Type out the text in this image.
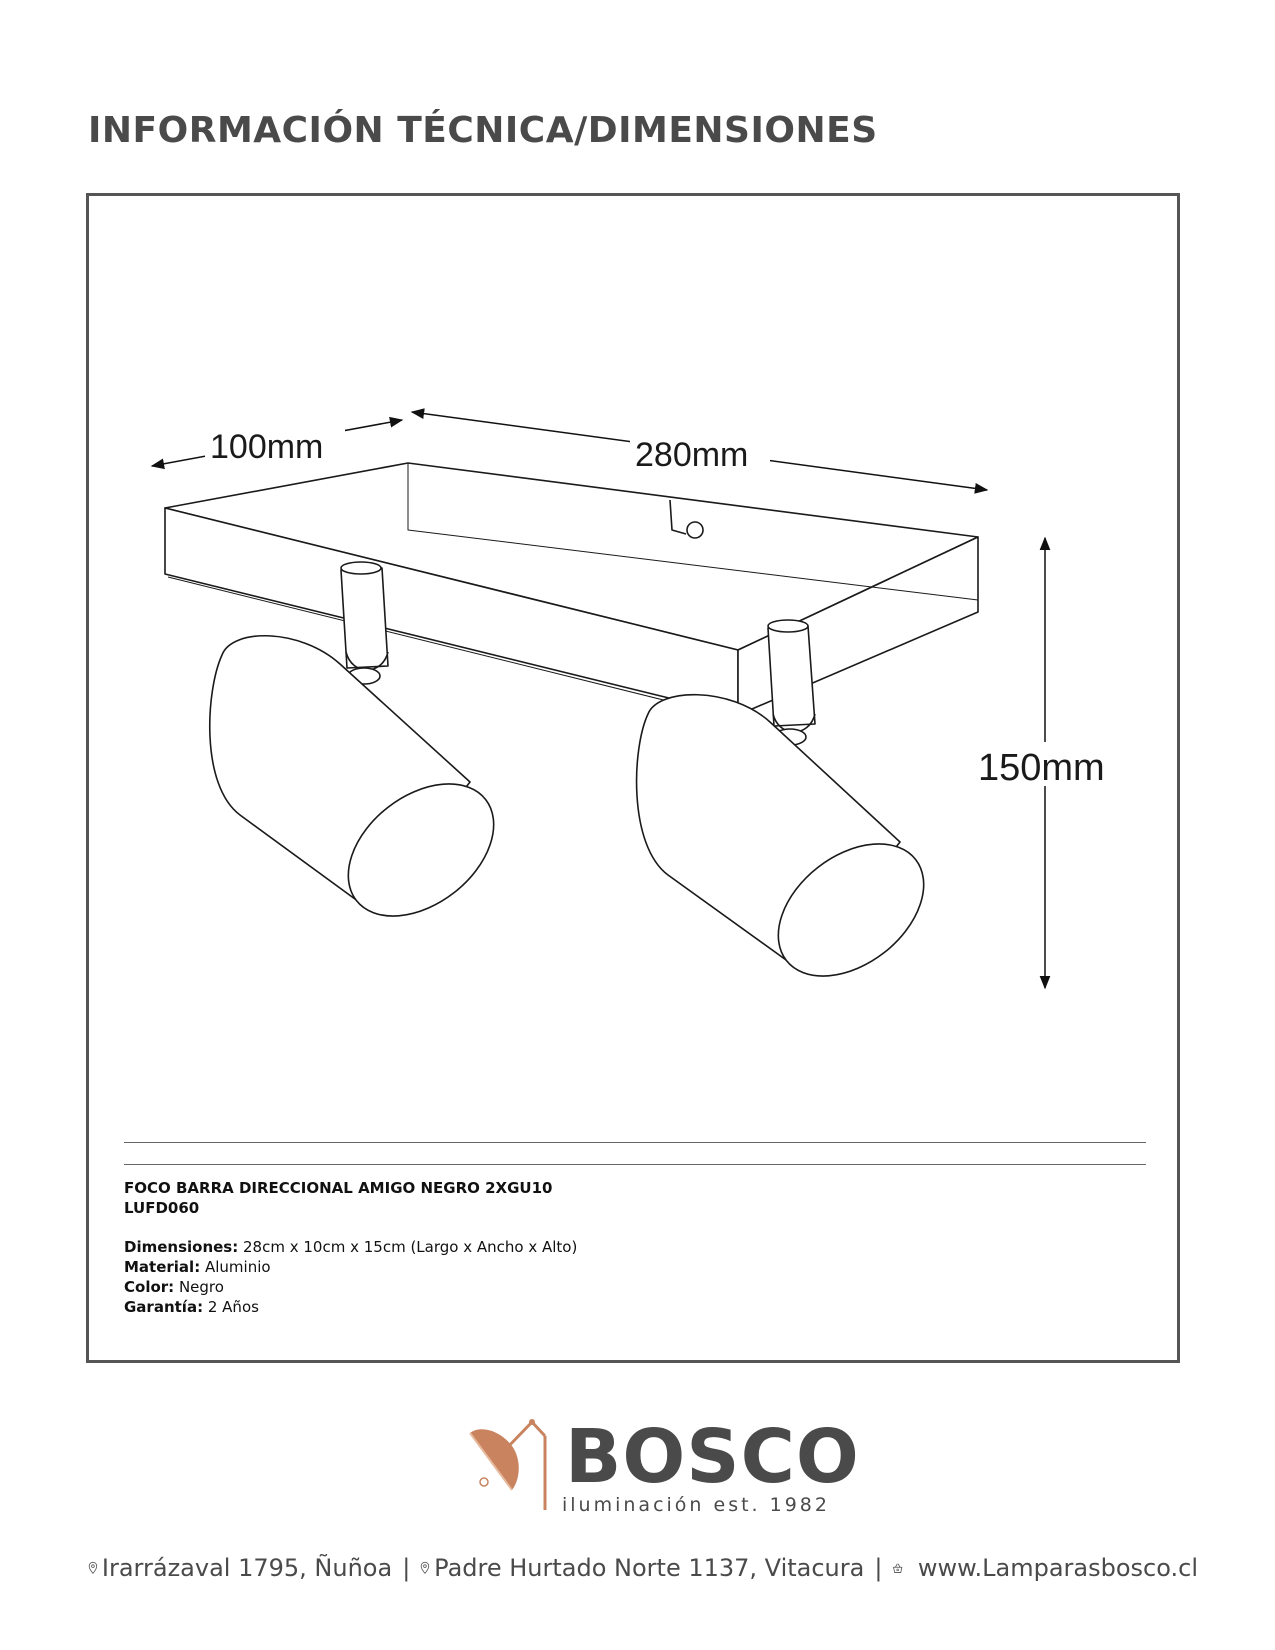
INFORMACIÓN TÉCNICA/DIMENSIONES
100mm	280mm
150mm
FOCO BARRA DIRECCIONAL AMIGO NEGRO 2XGU10
LUFD060
Dimensiones: 28cm x 10cm x 15cm (Largo x Ancho x Alto)
Material: Aluminio
Color: Negro
Garantía: 2 Años
BOSCO
iluminación est. 1982
Irarrázaval 1795, Ñuñoa | Padre Hurtado Norte 1137, Vitacura | www.Lamparasbosco.cl
